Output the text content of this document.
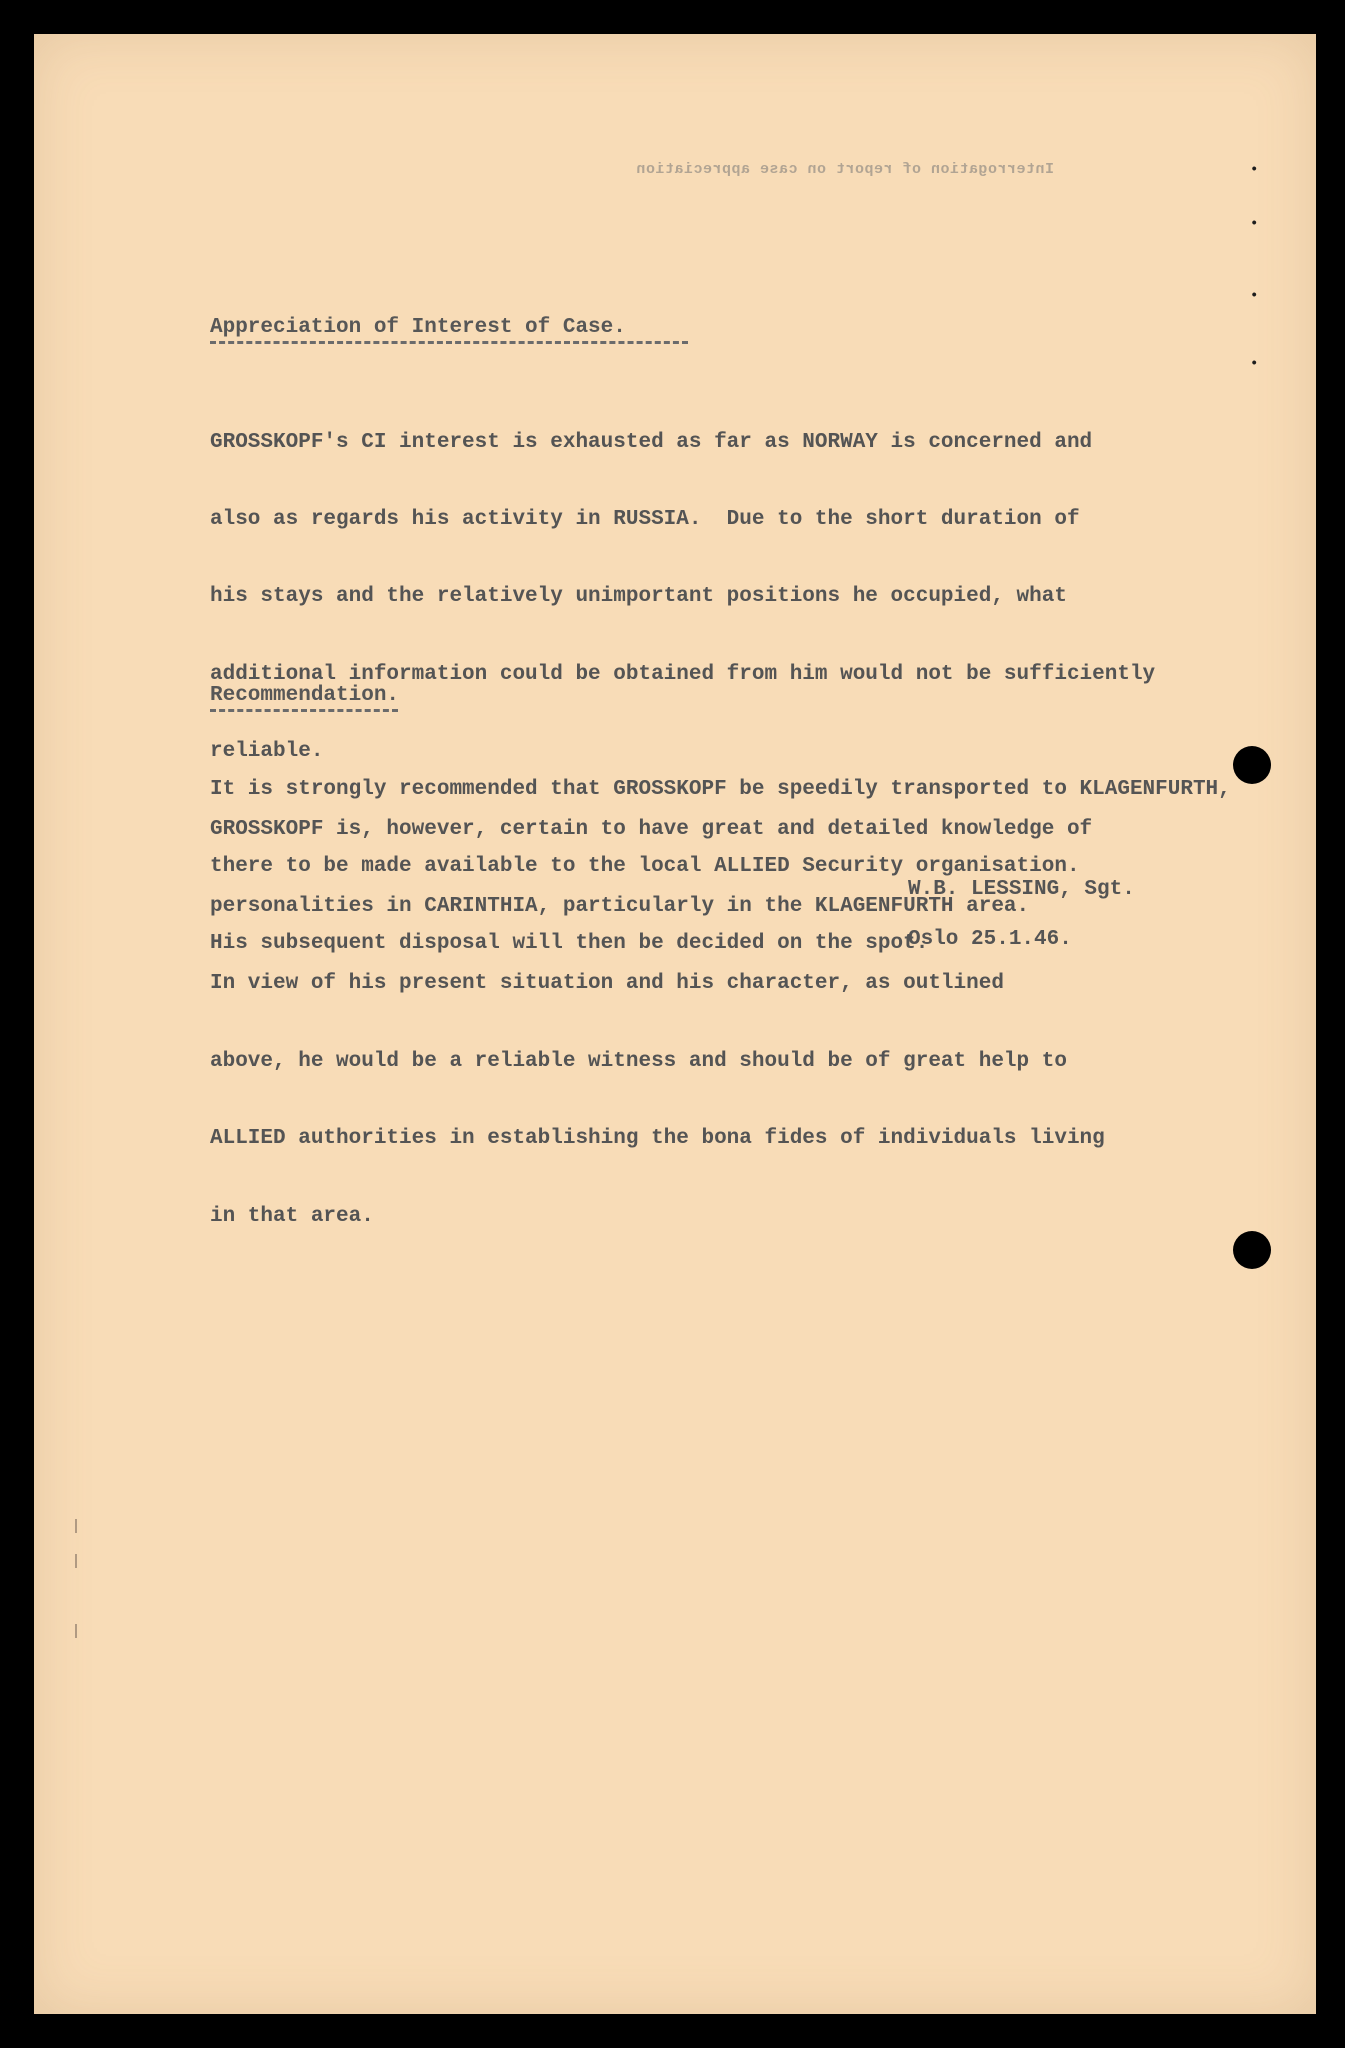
Interrogation of report on case appreciation
Appreciation of Interest of Case.

GROSSKOPF's CI interest is exhausted as far as NORWAY is concerned and

also as regards his activity in RUSSIA.  Due to the short duration of

his stays and the relatively unimportant positions he occupied, what

additional information could be obtained from him would not be sufficiently

reliable.

GROSSKOPF is, however, certain to have great and detailed knowledge of

personalities in CARINTHIA, particularly in the KLAGENFURTH area.

In view of his present situation and his character, as outlined

above, he would be a reliable witness and should be of great help to

ALLIED authorities in establishing the bona fides of individuals living

in that area.

Recommendation.

It is strongly recommended that GROSSKOPF be speedily transported to KLAGENFURTH,

there to be made available to the local ALLIED Security organisation.

His subsequent disposal will then be decided on the spot.

W.B. LESSING, Sgt.
Oslo 25.1.46.
•
•
•
•
